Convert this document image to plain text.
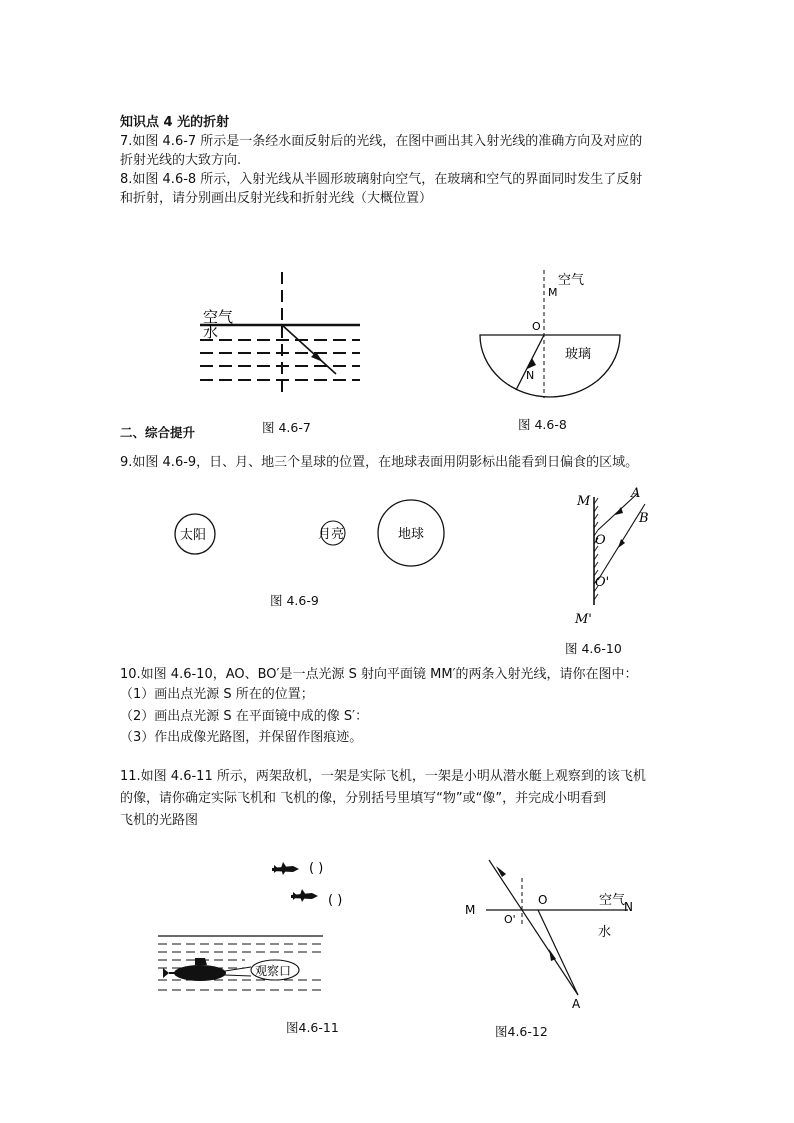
知识点 4 光的折射
7.如图 4.6-7 所示是一条经水面反射后的光线，在图中画出其入射光线的准确方向及对应的
折射光线的大致方向.
8.如图 4.6-8 所示，入射光线从半圆形玻璃射向空气，在玻璃和空气的界面同时发生了反射
和折射，请分别画出反射光线和折射光线（大概位置）
空气
水
图 4.6-7
空气
M
O
N
玻璃
图 4.6-8
二、综合提升
9.如图 4.6-9，日、月、地三个星球的位置，在地球表面用阴影标出能看到日偏食的区域。
太阳	月亮	地球
图 4.6-9
M
A
B
O
O'
M'
图 4.6-10
10.如图 4.6-10，AO、BO′是一点光源 S 射向平面镜 MM′的两条入射光线，请你在图中：
（1）画出点光源 S 所在的位置；
（2）画出点光源 S 在平面镜中成的像 S′：
（3）作出成像光路图，并保留作图痕迹。
11.如图 4.6-11 所示，两架敌机，一架是实际飞机，一架是小明从潜水艇上观察到的该飞机
的像，请你确定实际飞机和 飞机的像，分别括号里填写“物”或“像”，并完成小明看到
飞机的光路图
( )
( )
观察口
图4.6-11
M
O'
O	空气
N
水
A
图4.6-12
